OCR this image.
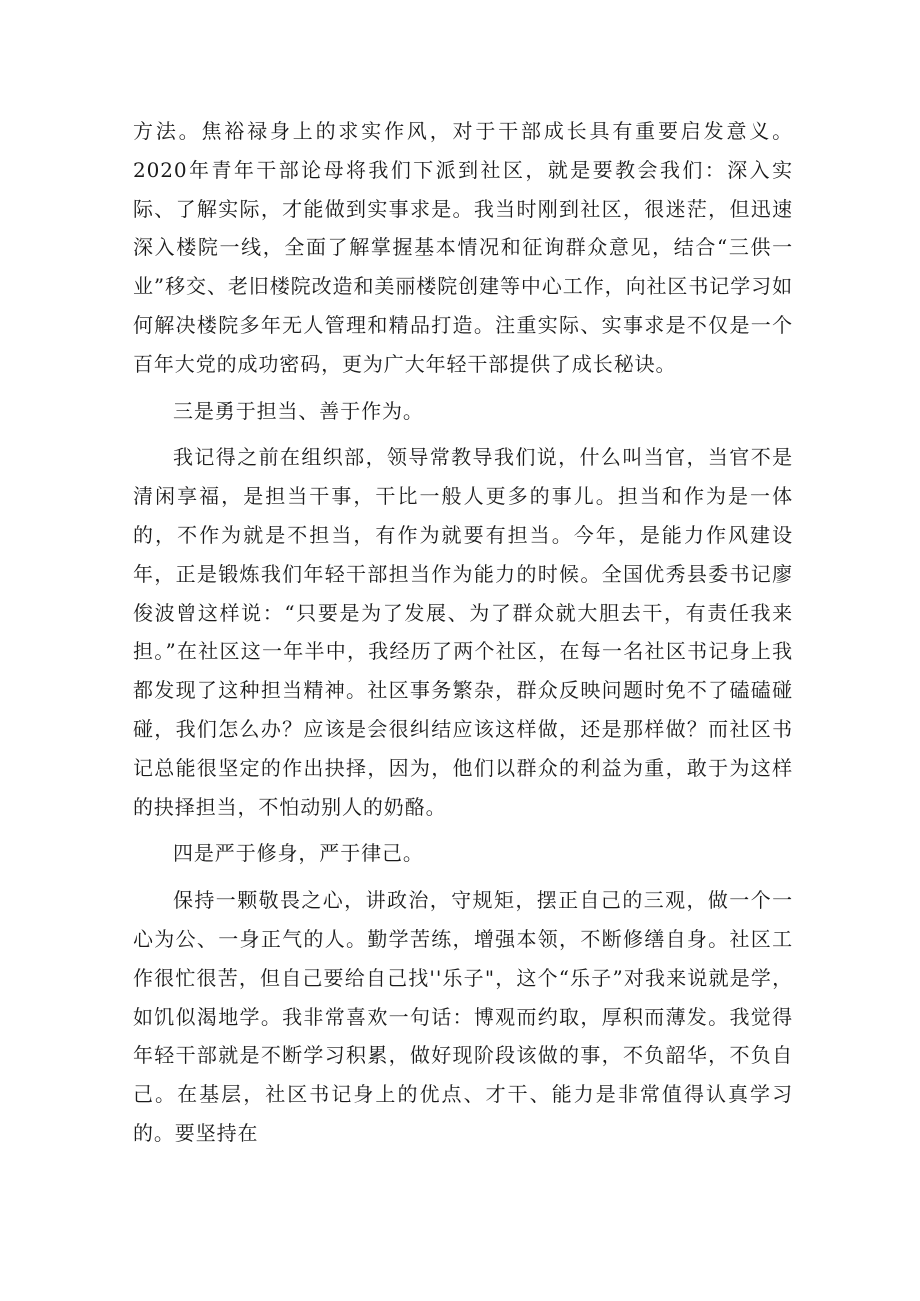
方法。焦裕禄身上的求实作风，对于干部成长具有重要启发意义。2020年青年干部论母将我们下派到社区，就是要教会我们：深入实际、了解实际，才能做到实事求是。我当时刚到社区，很迷茫，但迅速深入楼院一线，全面了解掌握基本情况和征询群众意见，结合“三供一业”移交、老旧楼院改造和美丽楼院创建等中心工作，向社区书记学习如何解决楼院多年无人管理和精品打造。注重实际、实事求是不仅是一个百年大党的成功密码，更为广大年轻干部提供了成长秘诀。

三是勇于担当、善于作为。

我记得之前在组织部，领导常教导我们说，什么叫当官，当官不是清闲享福，是担当干事，干比一般人更多的事儿。担当和作为是一体的，不作为就是不担当，有作为就要有担当。今年，是能力作风建设年，正是锻炼我们年轻干部担当作为能力的时候。全国优秀县委书记廖俊波曾这样说：“只要是为了发展、为了群众就大胆去干，有责任我来担。”在社区这一年半中，我经历了两个社区，在每一名社区书记身上我都发现了这种担当精神。社区事务繁杂，群众反映问题时免不了磕磕碰碰，我们怎么办？应该是会很纠结应该这样做，还是那样做？而社区书记总能很坚定的作出抉择，因为，他们以群众的利益为重，敢于为这样的抉择担当，不怕动别人的奶酪。

四是严于修身，严于律己。

保持一颗敬畏之心，讲政治，守规矩，摆正自己的三观，做一个一心为公、一身正气的人。勤学苦练，增强本领，不断修缮自身。社区工作很忙很苦，但自己要给自己找''乐子"，这个“乐子”对我来说就是学，如饥似渴地学。我非常喜欢一句话：博观而约取，厚积而薄发。我觉得年轻干部就是不断学习积累，做好现阶段该做的事，不负韶华，不负自己。在基层，社区书记身上的优点、才干、能力是非常值得认真学习的。要坚持在
